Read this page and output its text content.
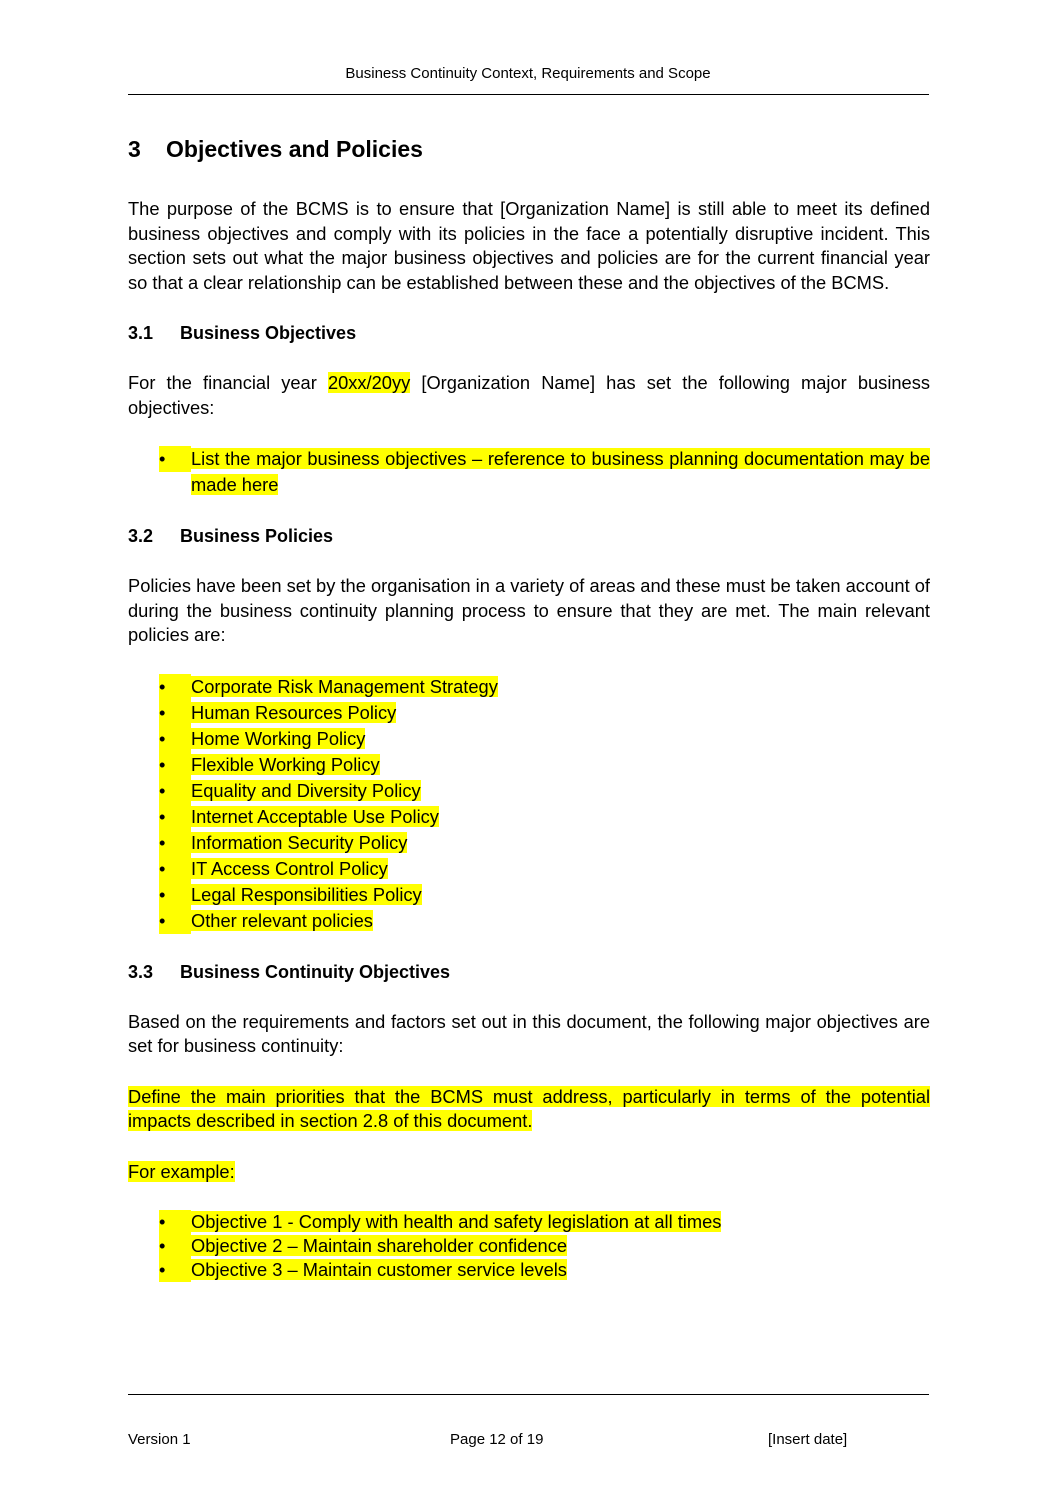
Business Continuity Context, Requirements and Scope
3 Objectives and Policies

The purpose of the BCMS is to ensure that [Organization Name] is still able to meet its defined business objectives and comply with its policies in the face a potentially disruptive incident. This section sets out what the major business objectives and policies are for the current financial year so that a clear relationship can be established between these and the objectives of the BCMS.

3.1 Business Objectives

For the financial year 20xx/20yy [Organization Name] has set the following major business objectives:

•
List the major business objectives – reference to business planning documentation may be made here
3.2 Business Policies

Policies have been set by the organisation in a variety of areas and these must be taken account of during the business continuity planning process to ensure that they are met. The main relevant policies are:

•
Corporate Risk Management Strategy
•
Human Resources Policy
•
Home Working Policy
•
Flexible Working Policy
•
Equality and Diversity Policy
•
Internet Acceptable Use Policy
•
Information Security Policy
•
IT Access Control Policy
•
Legal Responsibilities Policy
•
Other relevant policies
3.3 Business Continuity Objectives

Based on the requirements and factors set out in this document, the following major objectives are set for business continuity:

Define the main priorities that the BCMS must address, particularly in terms of the potential impacts described in section 2.8 of this document.

For example:

•
Objective 1 - Comply with health and safety legislation at all times
•
Objective 2 – Maintain shareholder confidence
•
Objective 3 – Maintain customer service levels
Version 1	Page 12 of 19	[Insert date]
